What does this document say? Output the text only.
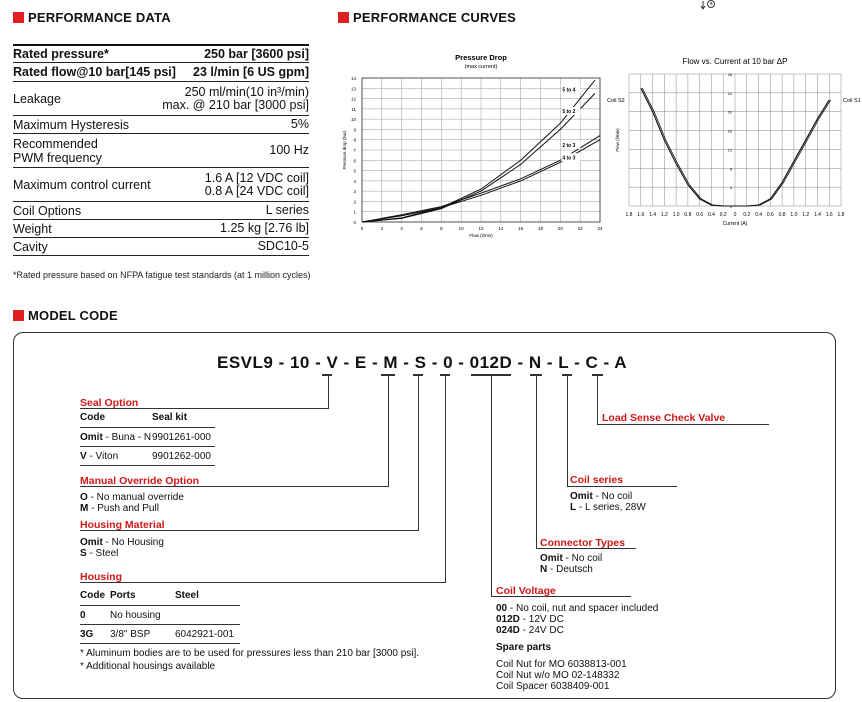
PERFORMANCE DATA	PERFORMANCE CURVES
Rated pressure*	250 bar [3600 psi]
Rated flow@10 bar[145 psi] 23 l/min [6 US gpm]
Leakage	250 ml/min(10 in³/min)
max. @ 210 bar [3000 psi]
Maximum Hysteresis	5%
Recommended
PWM frequency
100 Hz
Maximum control current	1.6 A [12 VDC coil]
0.8 A [24 VDC coil]
Coil Options	L series
Weight	1.25 kg [2.76 lb]
Cavity	SDC10-5
*Rated pressure based on NFPA fatigue test standards (at 1 million cycles)
Pressure Drop
(max current)
0
1
2
3
4
5
6
7
8
9
10
11
12
13
14
0	2	4	6	8	10	12	14	16	18	20	22	24
Flow (l/min)
Pressure drop (bar)
5 to 4
5 to 2
2 to 3
4 to 3
Flow vs. Current at 10 bar ΔP
0
4
8
12
16
20
24
28
1.8 1.6 1.4 1.2 1.0 0.8 0.6 0.4 0.2 0 0.2 0.4 0.6 0.8 1.0 1.2 1.4 1.6 1.8
Current (A)
Flow (l/min)
Coil S2	Coil S1
MODEL CODE
ESVL9 - 10 - V - E - M - S - 0 - 012D - N - L - C - A
Seal Option
Code	Seal kit
Omit - Buna - N 9901261-000
V - Viton	9901262-000
Manual Override Option
O - No manual override
M - Push and Pull
Housing Material
Omit - No Housing
S - Steel
Housing
Code Ports	Steel
0 No housing
3G 3/8" BSP 6042921-001
* Aluminum bodies are to be used for pressures less than 210 bar [3000 psi].
* Additional housings available
Load Sense Check Valve
Coil series
Omit - No coil
L - L series, 28W
Connector Types
Omit - No coil
N - Deutsch
Coil Voltage
00 - No coil, nut and spacer included
012D - 12V DC
024D - 24V DC
Spare parts
Coil Nut for MO 6038813-001
Coil Nut w/o MO 02-148332
Coil Spacer 6038409-001
